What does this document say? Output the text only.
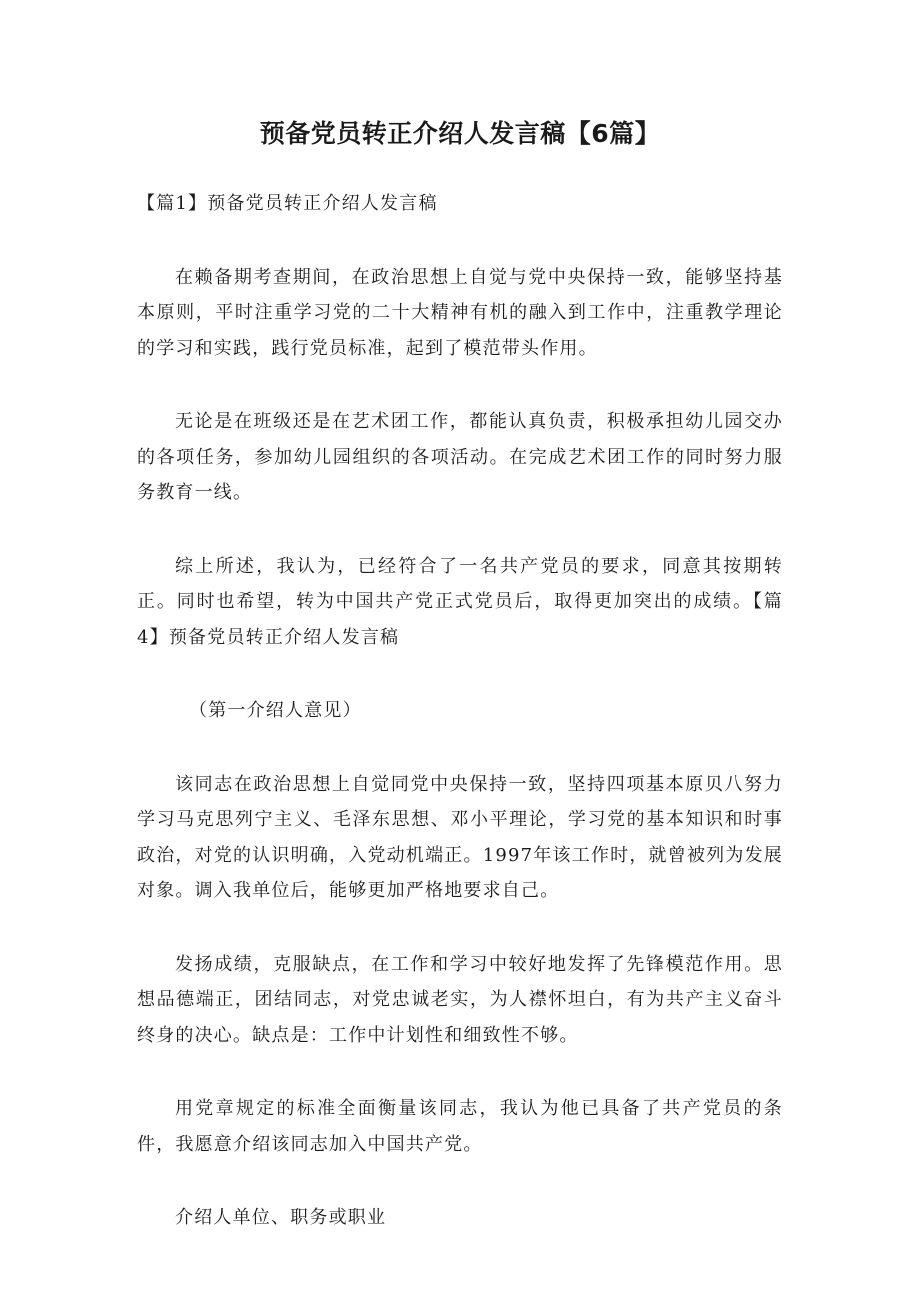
预备党员转正介绍人发言稿【6篇】

【篇1】预备党员转正介绍人发言稿

在赖备期考查期间，在政治思想上自觉与党中央保持一致，能够坚持基本原则，平时注重学习党的二十大精神有机的融入到工作中，注重教学理论的学习和实践，践行党员标准，起到了模范带头作用。

无论是在班级还是在艺术团工作，都能认真负责，积极承担幼儿园交办的各项任务，参加幼儿园组织的各项活动。在完成艺术团工作的同时努力服务教育一线。

综上所述，我认为，已经符合了一名共产党员的要求，同意其按期转正。同时也希望，转为中国共产党正式党员后，取得更加突出的成绩。【篇4】预备党员转正介绍人发言稿

（第一介绍人意见）

该同志在政治思想上自觉同党中央保持一致，坚持四项基本原贝八努力学习马克思列宁主义、毛泽东思想、邓小平理论，学习党的基本知识和时事政治，对党的认识明确，入党动机端正。1997年该工作时，就曾被列为发展对象。调入我单位后，能够更加严格地要求自己。

发扬成绩，克服缺点，在工作和学习中较好地发挥了先锋模范作用。思想品德端正，团结同志，对党忠诚老实，为人襟怀坦白，有为共产主义奋斗终身的决心。缺点是：工作中计划性和细致性不够。

用党章规定的标准全面衡量该同志，我认为他已具备了共产党员的条件，我愿意介绍该同志加入中国共产党。

介绍人单位、职务或职业
